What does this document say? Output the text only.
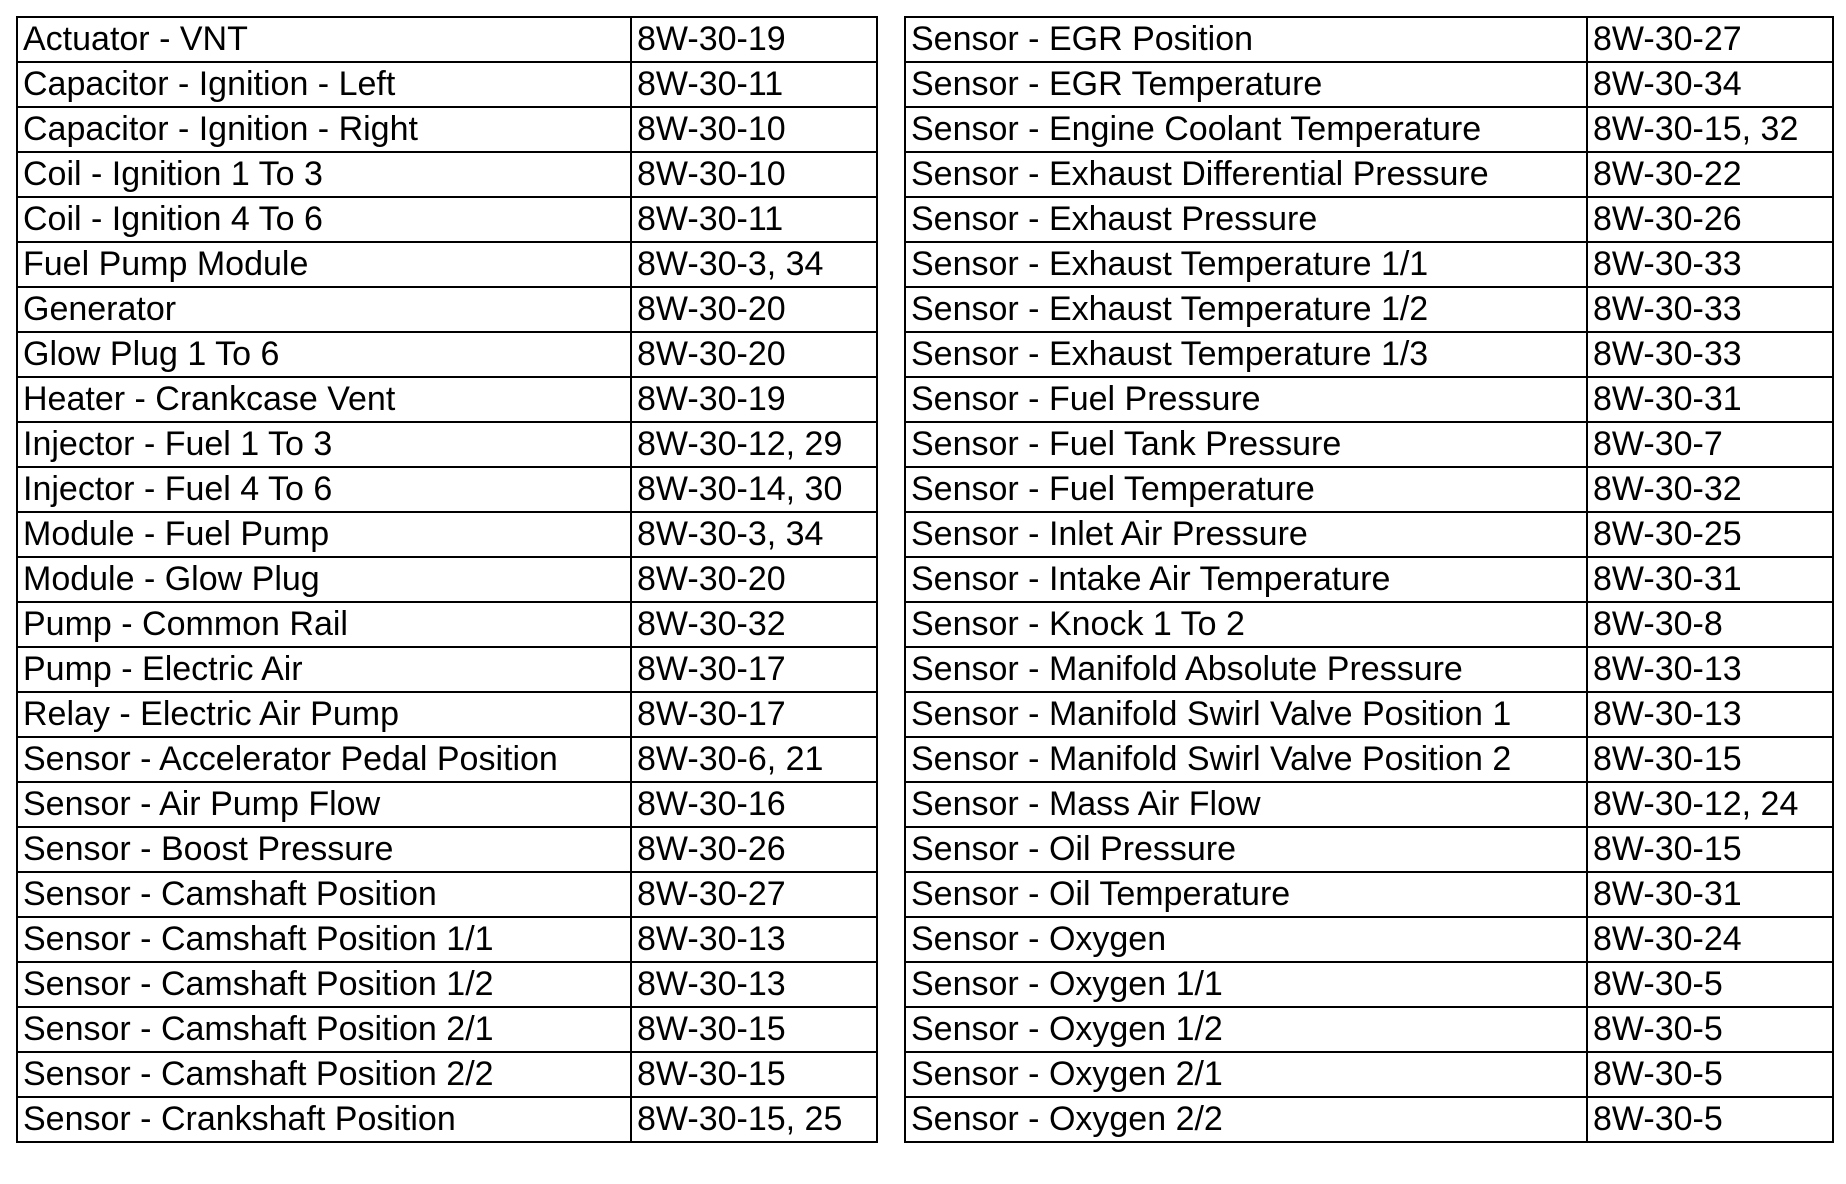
Actuator - VNT	8W-30-19
Capacitor - Ignition - Left	8W-30-11
Capacitor - Ignition - Right	8W-30-10
Coil - Ignition 1 To 3	8W-30-10
Coil - Ignition 4 To 6	8W-30-11
Fuel Pump Module	8W-30-3, 34
Generator	8W-30-20
Glow Plug 1 To 6	8W-30-20
Heater - Crankcase Vent	8W-30-19
Injector - Fuel 1 To 3	8W-30-12, 29
Injector - Fuel 4 To 6	8W-30-14, 30
Module - Fuel Pump	8W-30-3, 34
Module - Glow Plug	8W-30-20
Pump - Common Rail	8W-30-32
Pump - Electric Air	8W-30-17
Relay - Electric Air Pump	8W-30-17
Sensor - Accelerator Pedal Position	8W-30-6, 21
Sensor - Air Pump Flow	8W-30-16
Sensor - Boost Pressure	8W-30-26
Sensor - Camshaft Position	8W-30-27
Sensor - Camshaft Position 1/1	8W-30-13
Sensor - Camshaft Position 1/2	8W-30-13
Sensor - Camshaft Position 2/1	8W-30-15
Sensor - Camshaft Position 2/2	8W-30-15
Sensor - Crankshaft Position	8W-30-15, 25
Sensor - EGR Position	8W-30-27
Sensor - EGR Temperature	8W-30-34
Sensor - Engine Coolant Temperature	8W-30-15, 32
Sensor - Exhaust Differential Pressure	8W-30-22
Sensor - Exhaust Pressure	8W-30-26
Sensor - Exhaust Temperature 1/1	8W-30-33
Sensor - Exhaust Temperature 1/2	8W-30-33
Sensor - Exhaust Temperature 1/3	8W-30-33
Sensor - Fuel Pressure	8W-30-31
Sensor - Fuel Tank Pressure	8W-30-7
Sensor - Fuel Temperature	8W-30-32
Sensor - Inlet Air Pressure	8W-30-25
Sensor - Intake Air Temperature	8W-30-31
Sensor - Knock 1 To 2	8W-30-8
Sensor - Manifold Absolute Pressure	8W-30-13
Sensor - Manifold Swirl Valve Position 1	8W-30-13
Sensor - Manifold Swirl Valve Position 2	8W-30-15
Sensor - Mass Air Flow	8W-30-12, 24
Sensor - Oil Pressure	8W-30-15
Sensor - Oil Temperature	8W-30-31
Sensor - Oxygen	8W-30-24
Sensor - Oxygen 1/1	8W-30-5
Sensor - Oxygen 1/2	8W-30-5
Sensor - Oxygen 2/1	8W-30-5
Sensor - Oxygen 2/2	8W-30-5
